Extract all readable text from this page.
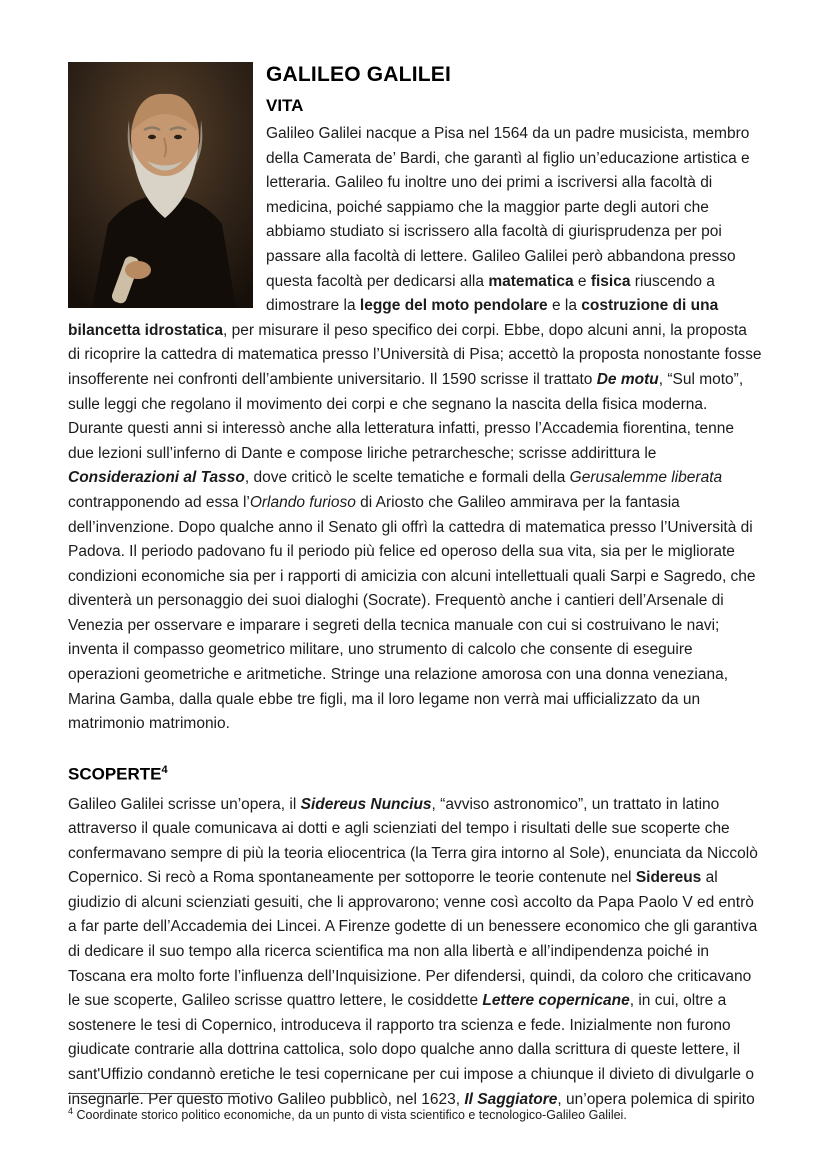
GALILEO GALILEI
VITA

Galileo Galilei nacque a Pisa nel 1564 da un padre musicista, membro della Camerata de’ Bardi, che garantì al figlio un’educazione artistica e letteraria. Galileo fu inoltre uno dei primi a iscriversi alla facoltà di medicina, poiché sappiamo che la maggior parte degli autori che abbiamo studiato si iscrissero alla facoltà di giurisprudenza per poi passare alla facoltà di lettere. Galileo Galilei però abbandona presso questa facoltà per dedicarsi alla matematica e fisica riuscendo a dimostrare la legge del moto pendolare e la costruzione di una bilancetta idrostatica, per misurare il peso specifico dei corpi. Ebbe, dopo alcuni anni, la proposta di ricoprire la cattedra di matematica presso l’Università di Pisa; accettò la proposta nonostante fosse insofferente nei confronti dell’ambiente universitario. Il 1590 scrisse il trattato De motu, “Sul moto”, sulle leggi che regolano il movimento dei corpi e che segnano la nascita della fisica moderna. Durante questi anni si interessò anche alla letteratura infatti, presso l’Accademia fiorentina, tenne due lezioni sull’inferno di Dante e compose liriche petrarchesche; scrisse addirittura le Considerazioni al Tasso, dove criticò le scelte tematiche e formali della Gerusalemme liberata contrapponendo ad essa l’Orlando furioso di Ariosto che Galileo ammirava per la fantasia dell’invenzione. Dopo qualche anno il Senato gli offrì la cattedra di matematica presso l’Università di Padova. Il periodo padovano fu il periodo più felice ed operoso della sua vita, sia per le migliorate condizioni economiche sia per i rapporti di amicizia con alcuni intellettuali quali Sarpi e Sagredo, che diventerà un personaggio dei suoi dialoghi (Socrate). Frequentò anche i cantieri dell’Arsenale di Venezia per osservare e imparare i segreti della tecnica manuale con cui si costruivano le navi; inventa il compasso geometrico militare, uno strumento di calcolo che consente di eseguire operazioni geometriche e aritmetiche. Stringe una relazione amorosa con una donna veneziana, Marina Gamba, dalla quale ebbe tre figli, ma il loro legame non verrà mai ufficializzato da un matrimonio matrimonio.

SCOPERTE$^4$

Galileo Galilei scrisse un’opera, il Sidereus Nuncius, “avviso astronomico”, un trattato in latino attraverso il quale comunicava ai dotti e agli scienziati del tempo i risultati delle sue scoperte che confermavano sempre di più la teoria eliocentrica (la Terra gira intorno al Sole), enunciata da Niccolò Copernico. Si recò a Roma spontaneamente per sottoporre le teorie contenute nel Sidereus al giudizio di alcuni scienziati gesuiti, che li approvarono; venne così accolto da Papa Paolo V ed entrò a far parte dell’Accademia dei Lincei. A Firenze godette di un benessere economico che gli garantiva di dedicare il suo tempo alla ricerca scientifica ma non alla libertà e all’indipendenza poiché in Toscana era molto forte l’influenza dell’Inquisizione. Per difendersi, quindi, da coloro che criticavano le sue scoperte, Galileo scrisse quattro lettere, le cosiddette Lettere copernicane, in cui, oltre a sostenere le tesi di Copernico, introduceva il rapporto tra scienza e fede. Inizialmente non furono giudicate contrarie alla dottrina cattolica, solo dopo qualche anno dalla scrittura di queste lettere, il sant'Uffizio condannò eretiche le tesi copernicane per cui impose a chiunque il divieto di divulgarle o insegnarle. Per questo motivo Galileo pubblicò, nel 1623, Il Saggiatore, un’opera polemica di spirito

$^4$ Coordinate storico politico economiche, da un punto di vista scientifico e tecnologico-Galileo Galilei.
